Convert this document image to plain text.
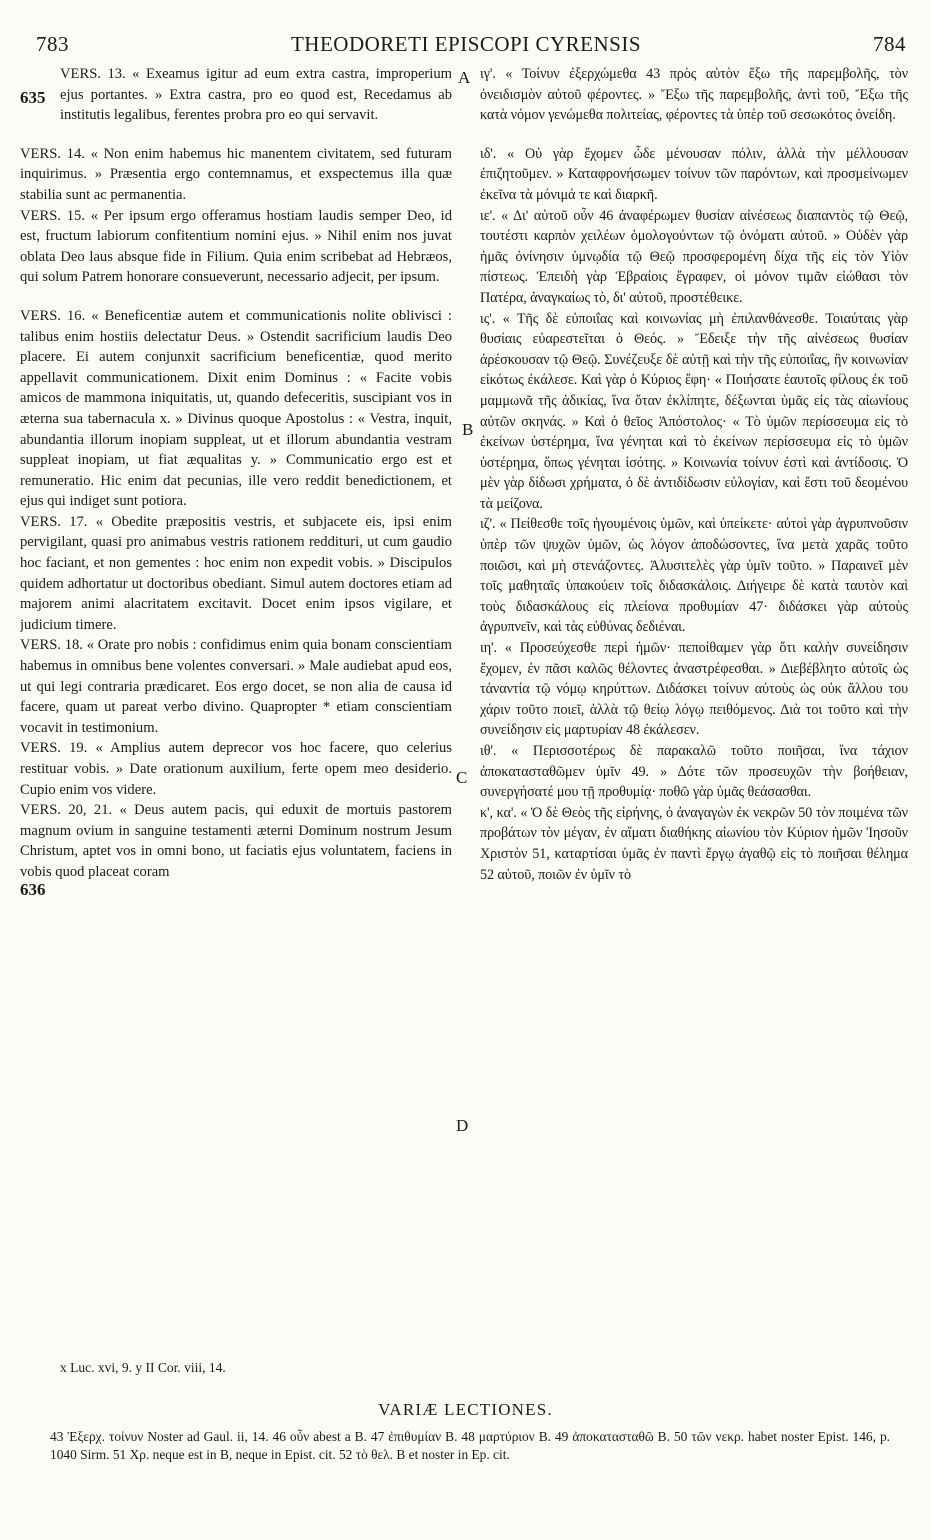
783	THEODORETI EPISCOPI CYRENSIS	784
635
636
A
B
C
D

VERS. 13. « Exeamus igitur ad eum extra castra, improperium ejus portantes. » Extra castra, pro eo quod est, Recedamus ab institutis legalibus, ferentes probra pro eo qui servavit.

VERS. 14. « Non enim habemus hic manentem civitatem, sed futuram inquirimus. » Præsentia ergo contemnamus, et exspectemus illa quæ stabilia sunt ac permanentia.

VERS. 15. « Per ipsum ergo offeramus hostiam laudis semper Deo, id est, fructum labiorum confitentium nomini ejus. » Nihil enim nos juvat oblata Deo laus absque fide in Filium. Quia enim scribebat ad Hebræos, qui solum Patrem honorare consueverunt, necessario adjecit, per ipsum.

VERS. 16. « Beneficentiæ autem et communicationis nolite oblivisci : talibus enim hostiis delectatur Deus. » Ostendit sacrificium laudis Deo placere. Ei autem conjunxit sacrificium beneficentiæ, quod merito appellavit communicationem. Dixit enim Dominus : « Facite vobis amicos de mammona iniquitatis, ut, quando defeceritis, suscipiant vos in æterna sua tabernacula x. » Divinus quoque Apostolus : « Vestra, inquit, abundantia illorum inopiam suppleat, ut et illorum abundantia vestram suppleat inopiam, ut fiat æqualitas y. » Communicatio ergo est et remuneratio. Hic enim dat pecunias, ille vero reddit benedictionem, et ejus qui indiget sunt potiora.

VERS. 17. « Obedite præpositis vestris, et subjacete eis, ipsi enim pervigilant, quasi pro animabus vestris rationem reddituri, ut cum gaudio hoc faciant, et non gementes : hoc enim non expedit vobis. » Discipulos quidem adhortatur ut doctoribus obediant. Simul autem doctores etiam ad majorem animi alacritatem excitavit. Docet enim ipsos vigilare, et judicium timere.

VERS. 18. « Orate pro nobis : confidimus enim quia bonam conscientiam habemus in omnibus bene volentes conversari. » Male audiebat apud eos, ut qui legi contraria prædicaret. Eos ergo docet, se non alia de causa id facere, quam ut pareat verbo divino. Quapropter * etiam conscientiam vocavit in testimonium.

VERS. 19. « Amplius autem deprecor vos hoc facere, quo celerius restituar vobis. » Date orationum auxilium, ferte opem meo desiderio. Cupio enim vos videre.

VERS. 20, 21. « Deus autem pacis, qui eduxit de mortuis pastorem magnum ovium in sanguine testamenti æterni Dominum nostrum Jesum Christum, aptet vos in omni bono, ut faciatis ejus voluntatem, faciens in vobis quod placeat coram

ιγ'. « Τοίνυν ἐξερχώμεθα 43 πρὸς αὐτὸν ἔξω τῆς παρεμβολῆς, τὸν ὀνειδισμὸν αὐτοῦ φέροντες. » Ἔξω τῆς παρεμβολῆς, ἀντὶ τοῦ, Ἔξω τῆς κατὰ νόμον γενώμεθα πολιτείας, φέροντες τὰ ὑπὲρ τοῦ σεσωκότος ὀνείδη.

ιδ'. « Οὐ γὰρ ἔχομεν ὧδε μένουσαν πόλιν, ἀλλὰ τὴν μέλλουσαν ἐπιζητοῦμεν. » Καταφρονήσωμεν τοίνυν τῶν παρόντων, καὶ προσμείνωμεν ἐκεῖνα τὰ μόνιμά τε καὶ διαρκῆ.

ιε'. « Δι' αὐτοῦ οὖν 46 ἀναφέρωμεν θυσίαν αἰνέσεως διαπαντὸς τῷ Θεῷ, τουτέστι καρπὸν χειλέων ὁμολογούντων τῷ ὀνόματι αὐτοῦ. » Οὐδὲν γὰρ ἡμᾶς ὀνίνησιν ὑμνῳδία τῷ Θεῷ προσφερομένη δίχα τῆς εἰς τὸν Υἱὸν πίστεως. Ἐπειδὴ γὰρ Ἑβραίοις ἔγραφεν, οἱ μόνον τιμᾶν εἰώθασι τὸν Πατέρα, ἀναγκαίως τὸ, δι' αὐτοῦ, προστέθεικε.

ις'. « Τῆς δὲ εὐποιΐας καὶ κοινωνίας μὴ ἐπιλανθάνεσθε. Τοιαύταις γὰρ θυσίαις εὐαρεστεῖται ὁ Θεός. » Ἔδειξε τὴν τῆς αἰνέσεως θυσίαν ἀρέσκουσαν τῷ Θεῷ. Συνέζευξε δὲ αὐτῇ καὶ τὴν τῆς εὐποιΐας, ἣν κοινωνίαν εἰκότως ἐκάλεσε. Καὶ γὰρ ὁ Κύριος ἔφη· « Ποιήσατε ἑαυτοῖς φίλους ἐκ τοῦ μαμμωνᾶ τῆς ἀδικίας, ἵνα ὅταν ἐκλίπητε, δέξωνται ὑμᾶς εἰς τὰς αἰωνίους αὐτῶν σκηνάς. » Καὶ ὁ θεῖος Ἀπόστολος· « Τὸ ὑμῶν περίσσευμα εἰς τὸ ἐκείνων ὑστέρημα, ἵνα γένηται καὶ τὸ ἐκείνων περίσσευμα εἰς τὸ ὑμῶν ὑστέρημα, ὅπως γένηται ἰσότης. » Κοινωνία τοίνυν ἐστὶ καὶ ἀντίδοσις. Ὁ μὲν γὰρ δίδωσι χρήματα, ὁ δὲ ἀντιδίδωσιν εὐλογίαν, καὶ ἔστι τοῦ δεομένου τὰ μείζονα.

ιζ'. « Πείθεσθε τοῖς ἡγουμένοις ὑμῶν, καὶ ὑπείκετε· αὐτοὶ γὰρ ἀγρυπνοῦσιν ὑπὲρ τῶν ψυχῶν ὑμῶν, ὡς λόγον ἀποδώσοντες, ἵνα μετὰ χαρᾶς τοῦτο ποιῶσι, καὶ μὴ στενάζοντες. Ἀλυσιτελὲς γὰρ ὑμῖν τοῦτο. » Παραινεῖ μὲν τοῖς μαθηταῖς ὑπακούειν τοῖς διδασκάλοις. Διήγειρε δὲ κατὰ ταυτὸν καὶ τοὺς διδασκάλους εἰς πλείονα προθυμίαν 47· διδάσκει γὰρ αὐτοὺς ἀγρυπνεῖν, καὶ τὰς εὐθύνας δεδιέναι.

ιη'. « Προσεύχεσθε περὶ ἡμῶν· πεποίθαμεν γὰρ ὅτι καλὴν συνείδησιν ἔχομεν, ἐν πᾶσι καλῶς θέλοντες ἀναστρέφεσθαι. » Διεβέβλητο αὐτοῖς ὡς τἀναντία τῷ νόμῳ κηρύττων. Διδάσκει τοίνυν αὐτοὺς ὡς οὐκ ἄλλου του χάριν τοῦτο ποιεῖ, ἀλλὰ τῷ θείῳ λόγῳ πειθόμενος. Διὰ τοι τοῦτο καὶ τὴν συνείδησιν εἰς μαρτυρίαν 48 ἐκάλεσεν.

ιθ'. « Περισσοτέρως δὲ παρακαλῶ τοῦτο ποιῆσαι, ἵνα τάχιον ἀποκατασταθῶμεν ὑμῖν 49. » Δότε τῶν προσευχῶν τὴν βοήθειαν, συνεργήσατέ μου τῇ προθυμίᾳ· ποθῶ γὰρ ὑμᾶς θεάσασθαι.

κ', κα'. « Ὁ δὲ Θεὸς τῆς εἰρήνης, ὁ ἀναγαγὼν ἐκ νεκρῶν 50 τὸν ποιμένα τῶν προβάτων τὸν μέγαν, ἐν αἵματι διαθήκης αἰωνίου τὸν Κύριον ἡμῶν Ἰησοῦν Χριστὸν 51, καταρτίσαι ὑμᾶς ἐν παντὶ ἔργῳ ἀγαθῷ εἰς τὸ ποιῆσαι θέλημα 52 αὐτοῦ, ποιῶν ἐν ὑμῖν τὸ

x Luc. xvi, 9. y II Cor. viii, 14.
VARIÆ LECTIONES.
43 Ἐξερχ. τοίνυν Noster ad Gaul. ii, 14. 46 οὖν abest a B. 47 ἐπιθυμίαν B. 48 μαρτύριον B. 49 ἀποκατασταθῶ B. 50 τῶν νεκρ. habet noster Epist. 146, p. 1040 Sirm. 51 Χρ. neque est in B, neque in Epist. cit. 52 τὸ θελ. B et noster in Ep. cit.
